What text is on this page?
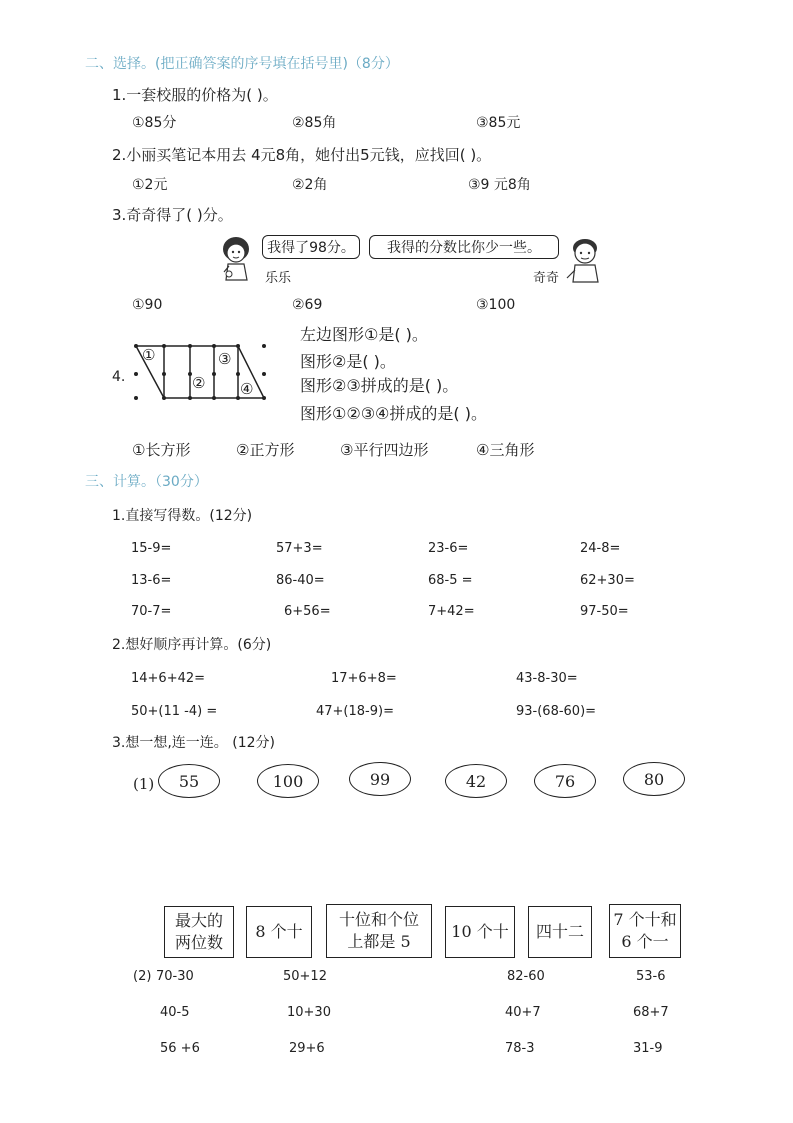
二、选择。(把正确答案的序号填在括号里)（8分）
1.一套校服的价格为( )。
①85分	②85角	③85元
2.小丽买笔记本用去 4元8角，她付出5元钱，应找回( )。
①2元	②2角	③9 元8角
3.奇奇得了( )分。
我得了98分。	我得的分数比你少一些。
乐乐	奇奇
①90	②69	③100
4.
①
②
③
④
左边图形①是( )。
图形②是( )。
图形②③拼成的是( )。
图形①②③④拼成的是( )。
①长方形	②正方形	③平行四边形	④三角形
三、计算。（30分）
1.直接写得数。(12分)
15-9=	57+3=	23-6=	24-8=
13-6=	86-40=	68-5 =	62+30=
70-7=	6+56=	7+42=	97-50=
2.想好顺序再计算。(6分)
14+6+42=	17+6+8=	43-8-30=
50+(11 -4) =	47+(18-9)=	93-(68-60)=
3.想一想,连一连。 (12分)
(1)	55	100	99	42	76	80
最大的
两位数
8 个十
十位和个位
上都是 5
10 个十 四十二
7 个十和
6 个一
(2) 70-30	50+12	82-60	53-6
40-5	10+30	40+7	68+7
56 +6	29+6	78-3	31-9
